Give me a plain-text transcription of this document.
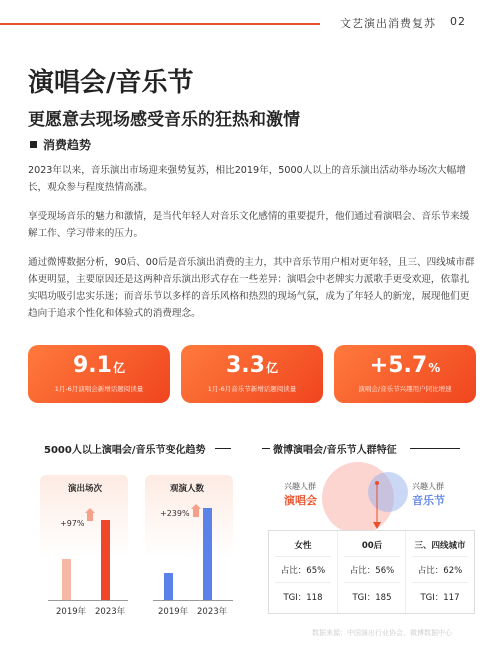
文艺演出消费复苏 02
演唱会/音乐节
更愿意去现场感受音乐的狂热和激情
消费趋势
2023年以来，音乐演出市场迎来强势复苏，相比2019年，5000人以上的音乐演出活动举办场次大幅增长，观众参与程度热情高涨。
享受现场音乐的魅力和激情，是当代年轻人对音乐文化感情的重要提升，他们通过看演唱会、音乐节来缓解工作、学习带来的压力。
通过微博数据分析，90后、00后是音乐演出消费的主力，其中音乐节用户相对更年轻，且三、四线城市群体更明显，主要原因还是这两种音乐演出形式存在一些差异：演唱会中老牌实力派歌手更受欢迎，依靠扎实唱功吸引忠实乐迷；而音乐节以多样的音乐风格和热烈的现场气氛，成为了年轻人的新宠，展现他们更趋向于追求个性化和体验式的消费理念。
9.1亿
1月-6月演唱会新增话题阅读量
3.3亿
1月-6月音乐节新增话题阅读量
+5.7%
演唱会/音乐节兴趣用户同比增速
5000人以上演唱会/音乐节变化趋势
演出场次	观演人数
+97%
+239%
2019年 2023年	2019年 2023年
微博演唱会/音乐节人群特征
兴趣人群
演唱会
兴趣人群
音乐节
女性
占比：65%
TGI：118
00后
占比：56%
TGI：185
三、四线城市
占比：62%
TGI：117
数据来源：中国演出行业协会、微博数据中心
